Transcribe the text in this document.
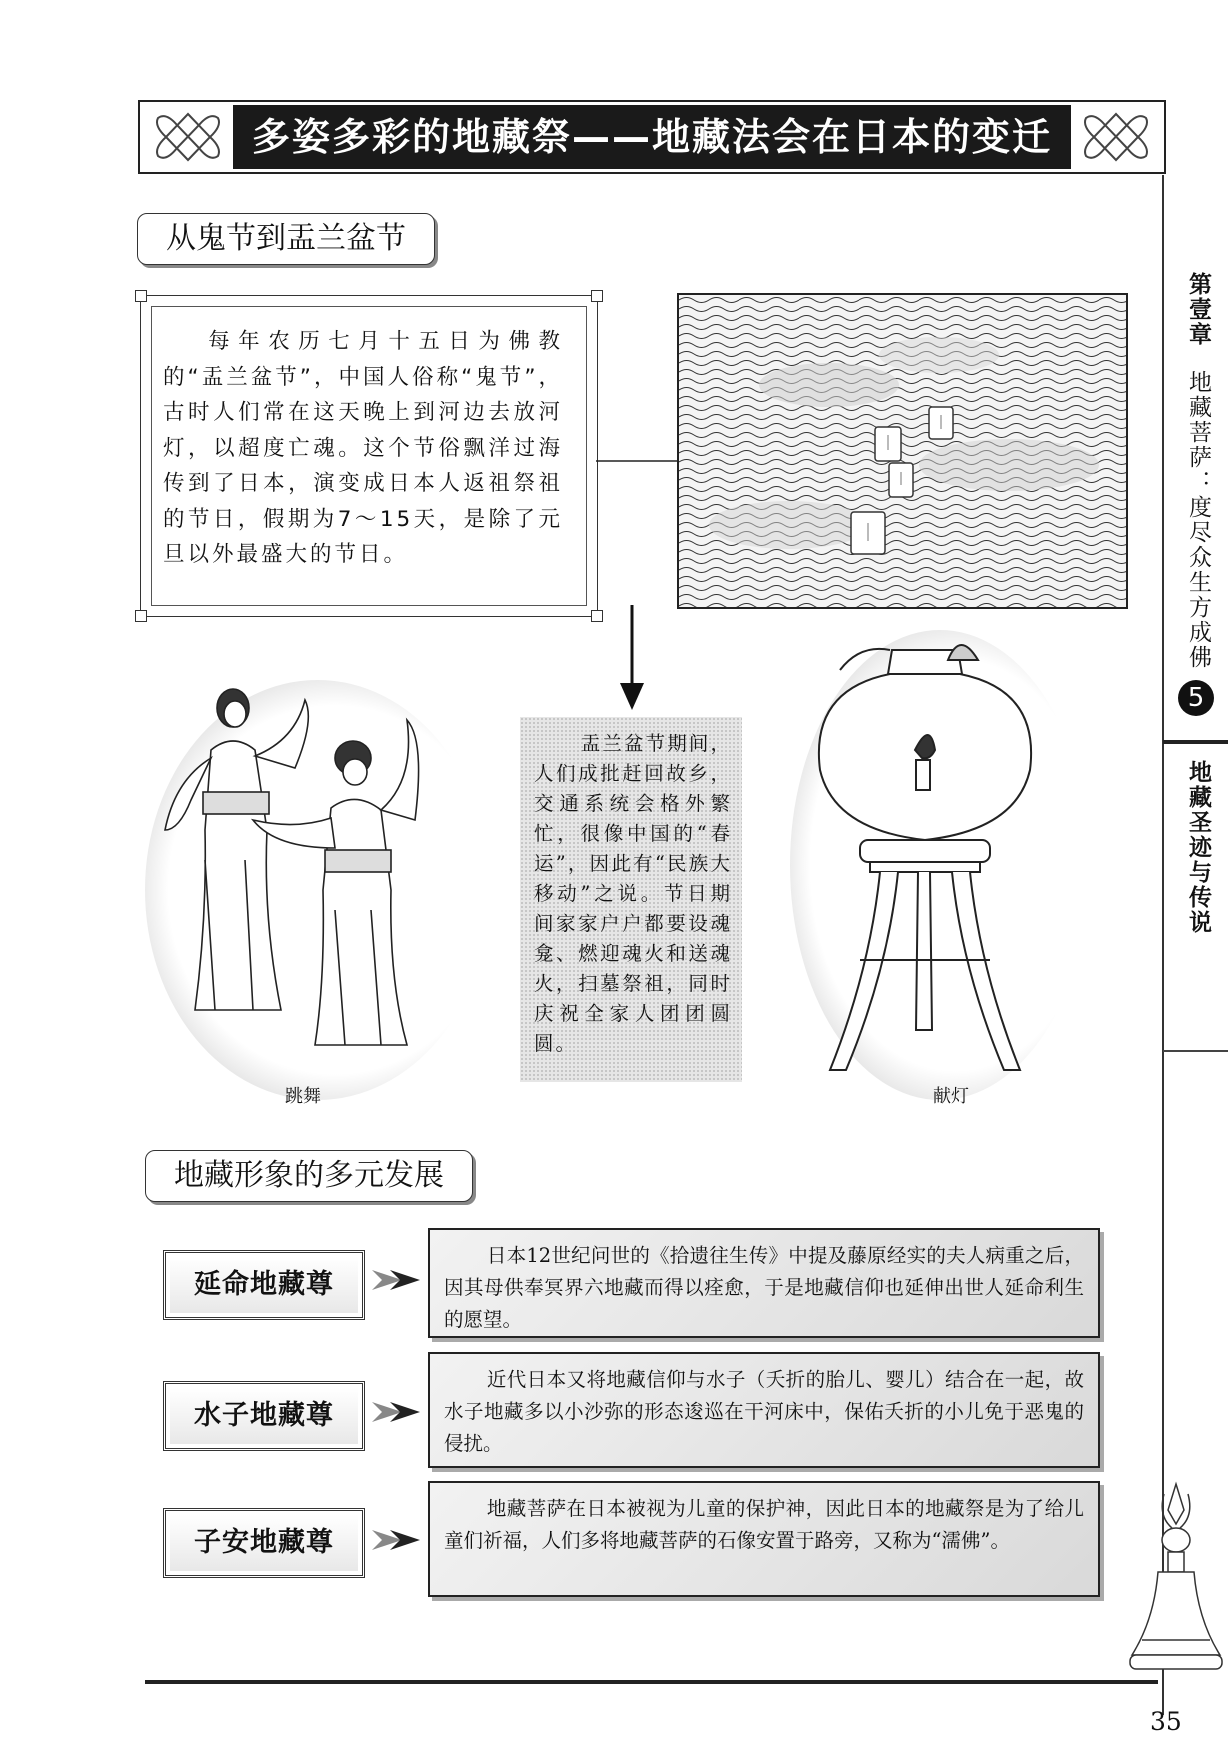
多姿多彩的地藏祭——地藏法会在日本的变迁
从鬼节到盂兰盆节

每年农历七月十五日为佛教的“盂兰盆节”，中国人俗称“鬼节”，古时人们常在这天晚上到河边去放河灯，以超度亡魂。这个节俗飘洋过海传到了日本，演变成日本人返祖祭祖的节日，假期为7～15天，是除了元旦以外最盛大的节日。

跳舞

盂兰盆节期间，人们成批赶回故乡，交通系统会格外繁忙，很像中国的“春运”，因此有“民族大移动”之说。节日期间家家户户都要设魂龛、燃迎魂火和送魂火，扫墓祭祖，同时庆祝全家人团团圆圆。

献灯
地藏形象的多元发展
延命地藏尊

日本12世纪问世的《拾遗往生传》中提及藤原经实的夫人病重之后，因其母供奉冥界六地藏而得以痊愈，于是地藏信仰也延伸出世人延命利生的愿望。

水子地藏尊

近代日本又将地藏信仰与水子（夭折的胎儿、婴儿）结合在一起，故水子地藏多以小沙弥的形态逡巡在干河床中，保佑夭折的小儿免于恶鬼的侵扰。

子安地藏尊

地藏菩萨在日本被视为儿童的保护神，因此日本的地藏祭是为了给儿童们祈福，人们多将地藏菩萨的石像安置于路旁，又称为“濡佛”。

第壹章
地藏菩萨：度尽众生方成佛
5
地藏圣迹与传说
35
